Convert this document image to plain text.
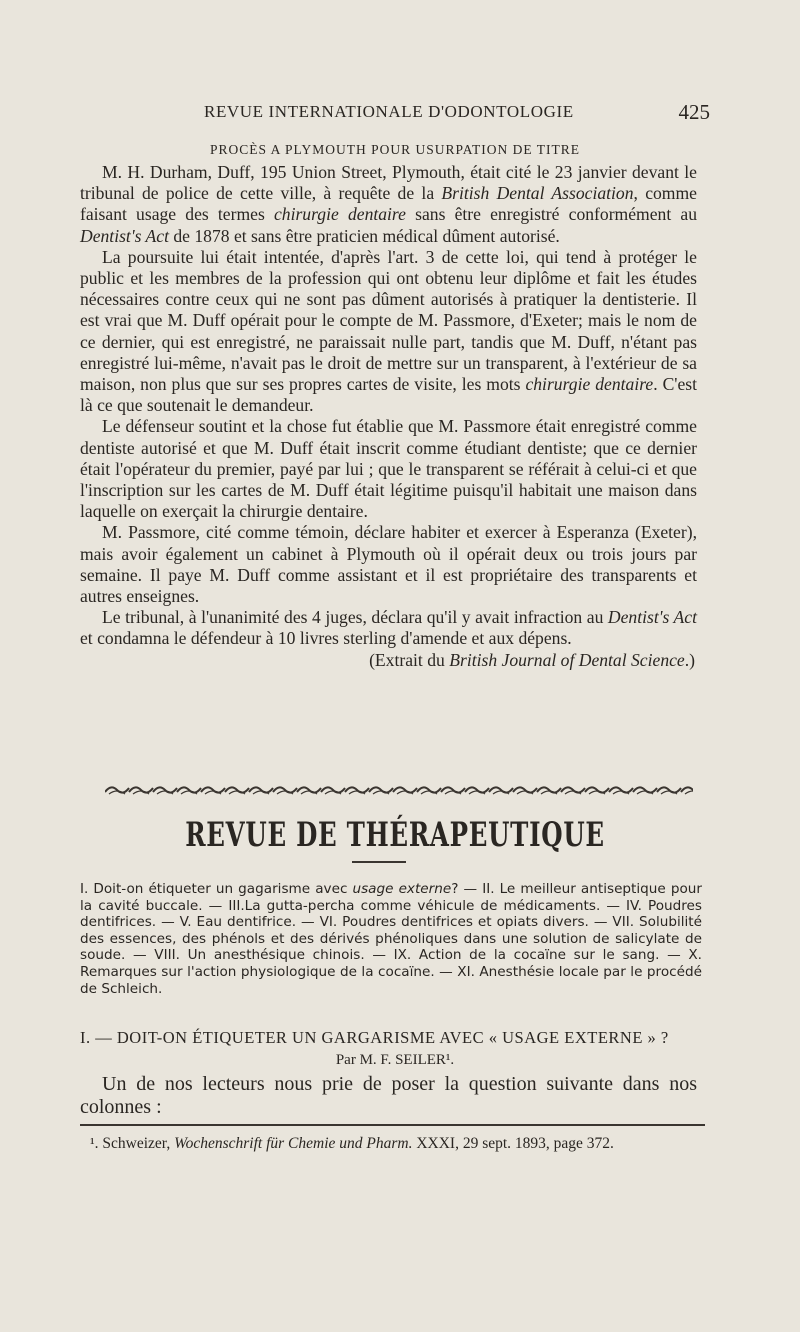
REVUE INTERNATIONALE D'ODONTOLOGIE	425
PROCÈS A PLYMOUTH POUR USURPATION DE TITRE

M. H. Durham, Duff, 195 Union Street, Plymouth, était cité le 23 janvier devant le tribunal de police de cette ville, à requête de la British Dental Association, comme faisant usage des termes chirurgie dentaire sans être enregistré conformément au Dentist's Act de 1878 et sans être praticien médical dûment autorisé.

La poursuite lui était intentée, d'après l'art. 3 de cette loi, qui tend à protéger le public et les membres de la profession qui ont obtenu leur diplôme et fait les études nécessaires contre ceux qui ne sont pas dûment autorisés à pratiquer la dentisterie. Il est vrai que M. Duff opérait pour le compte de M. Passmore, d'Exeter; mais le nom de ce dernier, qui est enregistré, ne paraissait nulle part, tandis que M. Duff, n'étant pas enregistré lui-même, n'avait pas le droit de mettre sur un transparent, à l'extérieur de sa maison, non plus que sur ses propres cartes de visite, les mots chirurgie dentaire. C'est là ce que soutenait le demandeur.

Le défenseur soutint et la chose fut établie que M. Passmore était enregistré comme dentiste autorisé et que M. Duff était inscrit comme étudiant dentiste; que ce dernier était l'opérateur du premier, payé par lui ; que le transparent se référait à celui-ci et que l'inscription sur les cartes de M. Duff était légitime puisqu'il habitait une maison dans laquelle on exerçait la chirurgie dentaire.

M. Passmore, cité comme témoin, déclare habiter et exercer à Esperanza (Exeter), mais avoir également un cabinet à Plymouth où il opérait deux ou trois jours par semaine. Il paye M. Duff comme assistant et il est propriétaire des transparents et autres enseignes.

Le tribunal, à l'unanimité des 4 juges, déclara qu'il y avait infraction au Dentist's Act et condamna le défendeur à 10 livres sterling d'amende et aux dépens.

(Extrait du British Journal of Dental Science.)

REVUE DE THÉRAPEUTIQUE

I. Doit-on étiqueter un gagarisme avec usage externe? — II. Le meilleur antiseptique pour la cavité buccale. — III.La gutta-percha comme véhicule de médicaments. — IV. Poudres dentifrices. — V. Eau dentifrice. — VI. Poudres dentifrices et opiats divers. — VII. Solubilité des essences, des phénols et des dérivés phénoliques dans une solution de salicylate de soude. — VIII. Un anesthésique chinois. — IX. Action de la cocaïne sur le sang. — X. Remarques sur l'action physiologique de la cocaïne. — XI. Anesthésie locale par le procédé de Schleich.

I. — DOIT-ON ÉTIQUETER UN GARGARISME AVEC « USAGE EXTERNE » ?
Par M. F. SEILER¹.

Un de nos lecteurs nous prie de poser la question suivante dans nos colonnes :

¹. Schweizer, Wochenschrift für Chemie und Pharm. XXXI, 29 sept. 1893, page 372.
